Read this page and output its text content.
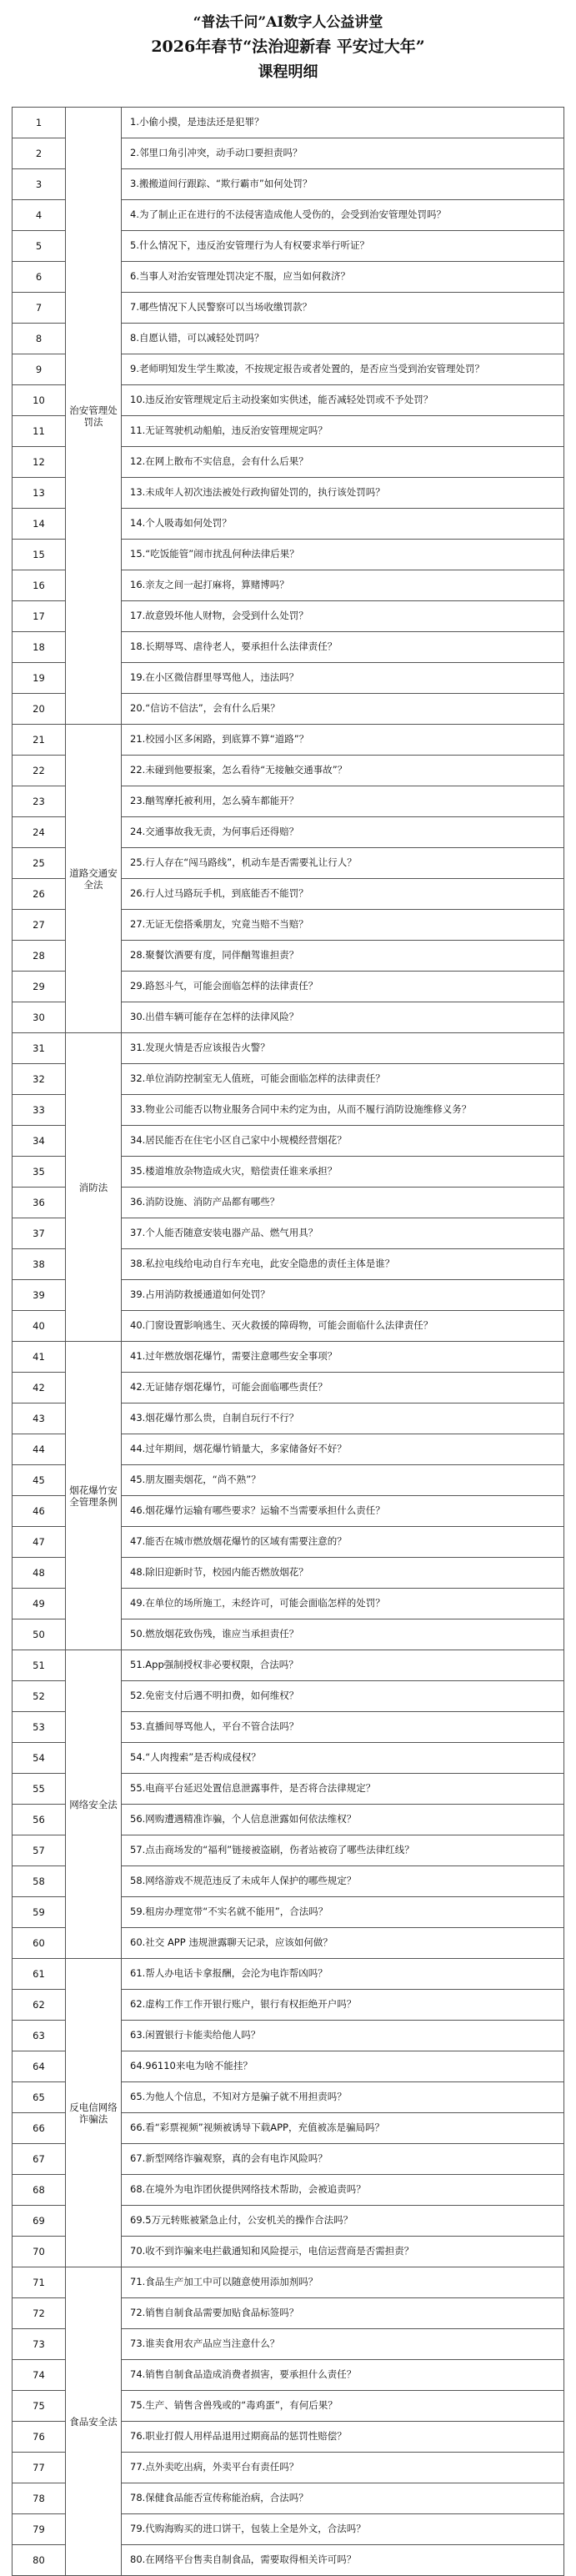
“普法千问”AI数字人公益讲堂
2026年春节“法治迎新春 平安过大年”
课程明细
1	治安管理处罚法	1.小偷小摸，是违法还是犯罪？
2		2.邻里口角引冲突，动手动口要担责吗？
3		3.搬搬道间行跟踪、“欺行霸市”如何处罚？
4		4.为了制止正在进行的不法侵害造成他人受伤的，会受到治安管理处罚吗？
5		5.什么情况下，违反治安管理行为人有权要求举行听证？
6		6.当事人对治安管理处罚决定不服，应当如何救济？
7		7.哪些情况下人民警察可以当场收缴罚款？
8		8.自愿认错，可以减轻处罚吗？
9		9.老师明知发生学生欺凌，不按规定报告或者处置的，是否应当受到治安管理处罚？
10		10.违反治安管理规定后主动投案如实供述，能否减轻处罚或不予处罚？
11		11.无证驾驶机动船舶，违反治安管理规定吗？
12		12.在网上散布不实信息，会有什么后果？
13		13.未成年人初次违法被处行政拘留处罚的，执行该处罚吗？
14		14.个人吸毒如何处罚？
15		15.“吃饭能管”闹市扰乱何种法律后果？
16		16.亲友之间一起打麻将，算赌博吗？
17		17.故意毁坏他人财物，会受到什么处罚？
18		18.长期辱骂、虐待老人，要承担什么法律责任？
19		19.在小区微信群里辱骂他人，违法吗？
20		20.“信访不信法”，会有什么后果？
21	道路交通安全法	21.校园小区多闲路，到底算不算“道路”？
22		22.未碰到他要报案，怎么看待“无接触交通事故”？
23		23.酗驾摩托被利用，怎么骑车都能开？
24		24.交通事故我无责，为何事后还得赔？
25		25.行人存在“闯马路线”，机动车是否需要礼让行人？
26		26.行人过马路玩手机，到底能否不能罚？
27		27.无证无偿搭乘朋友，究竟当赔不当赔？
28		28.聚餐饮酒要有度，同伴酗驾谁担责？
29		29.路怒斗气，可能会面临怎样的法律责任？
30		30.出借车辆可能存在怎样的法律风险？
31	消防法	31.发现火情是否应该报告火警？
32		32.单位消防控制室无人值班，可能会面临怎样的法律责任？
33		33.物业公司能否以物业服务合同中未约定为由，从而不履行消防设施维修义务？
34		34.居民能否在住宅小区自己家中小规模经营烟花？
35		35.楼道堆放杂物造成火灾，赔偿责任谁来承担？
36		36.消防设施、消防产品都有哪些？
37		37.个人能否随意安装电器产品、燃气用具？
38		38.私拉电线给电动自行车充电，此安全隐患的责任主体是谁？
39		39.占用消防救援通道如何处罚？
40		40.门窗设置影响逃生、灭火救援的障碍物，可能会面临什么法律责任？
41	烟花爆竹安全管理条例	41.过年燃放烟花爆竹，需要注意哪些安全事项？
42		42.无证储存烟花爆竹，可能会面临哪些责任？
43		43.烟花爆竹那么贵，自制自玩行不行？
44		44.过年期间，烟花爆竹销量大，多家储备好不好？
45		45.朋友圈卖烟花，“尚不熟”？
46		46.烟花爆竹运输有哪些要求？运输不当需要承担什么责任？
47		47.能否在城市燃放烟花爆竹的区域有需要注意的？
48		48.除旧迎新时节，校园内能否燃放烟花？
49		49.在单位的场所施工，未经许可，可能会面临怎样的处罚？
50		50.燃放烟花致伤残，谁应当承担责任？
51	网络安全法	51.App强制授权非必要权限，合法吗？
52		52.免密支付后遇不明扣费，如何维权？
53		53.直播间辱骂他人，平台不管合法吗？
54		54.“人肉搜索”是否构成侵权？
55		55.电商平台延迟处置信息泄露事件，是否将合法律规定？
56		56.网购遭遇精准诈骗，个人信息泄露如何依法维权？
57		57.点击商场发的“福利”链接被盗刷，伤者站被窃了哪些法律红线？
58		58.网络游戏不规范违反了未成年人保护的哪些规定？
59		59.租房办理宽带“不实名就不能用”，合法吗？
60		60.社交 APP 违规泄露聊天记录，应该如何做？
61	反电信网络诈骗法	61.帮人办电话卡拿报酬，会沦为电诈帮凶吗？
62		62.虚构工作工作开银行账户，银行有权拒绝开户吗？
63		63.闲置银行卡能卖给他人吗？
64		64.96110来电为啥不能挂？
65		65.为他人个信息，不知对方是骗子就不用担责吗？
66		66.看“彩票视频”视频被诱导下载APP，充值被冻是骗局吗？
67		67.新型网络诈骗观察，真的会有电诈风险吗？
68		68.在境外为电诈团伙提供网络技术帮助，会被追责吗？
69		69.5万元转账被紧急止付，公安机关的操作合法吗？
70		70.收不到诈骗来电拦截通知和风险提示，电信运营商是否需担责？
71	食品安全法	71.食品生产加工中可以随意使用添加剂吗？
72		72.销售自制食品需要加贴食品标签吗？
73		73.谁卖食用农产品应当注意什么？
74		74.销售自制食品造成消费者损害，要承担什么责任？
75		75.生产、销售含兽残或的“毒鸡蛋”，有何后果？
76		76.职业打假人用样品退用过期商品的惩罚性赔偿？
77		77.点外卖吃出病，外卖平台有责任吗？
78		78.保健食品能否宣传称能治病，合法吗？
79		79.代购海购买的进口饼干，包装上全是外文，合法吗？
80		80.在网络平台售卖自制食品，需要取得相关许可吗？
